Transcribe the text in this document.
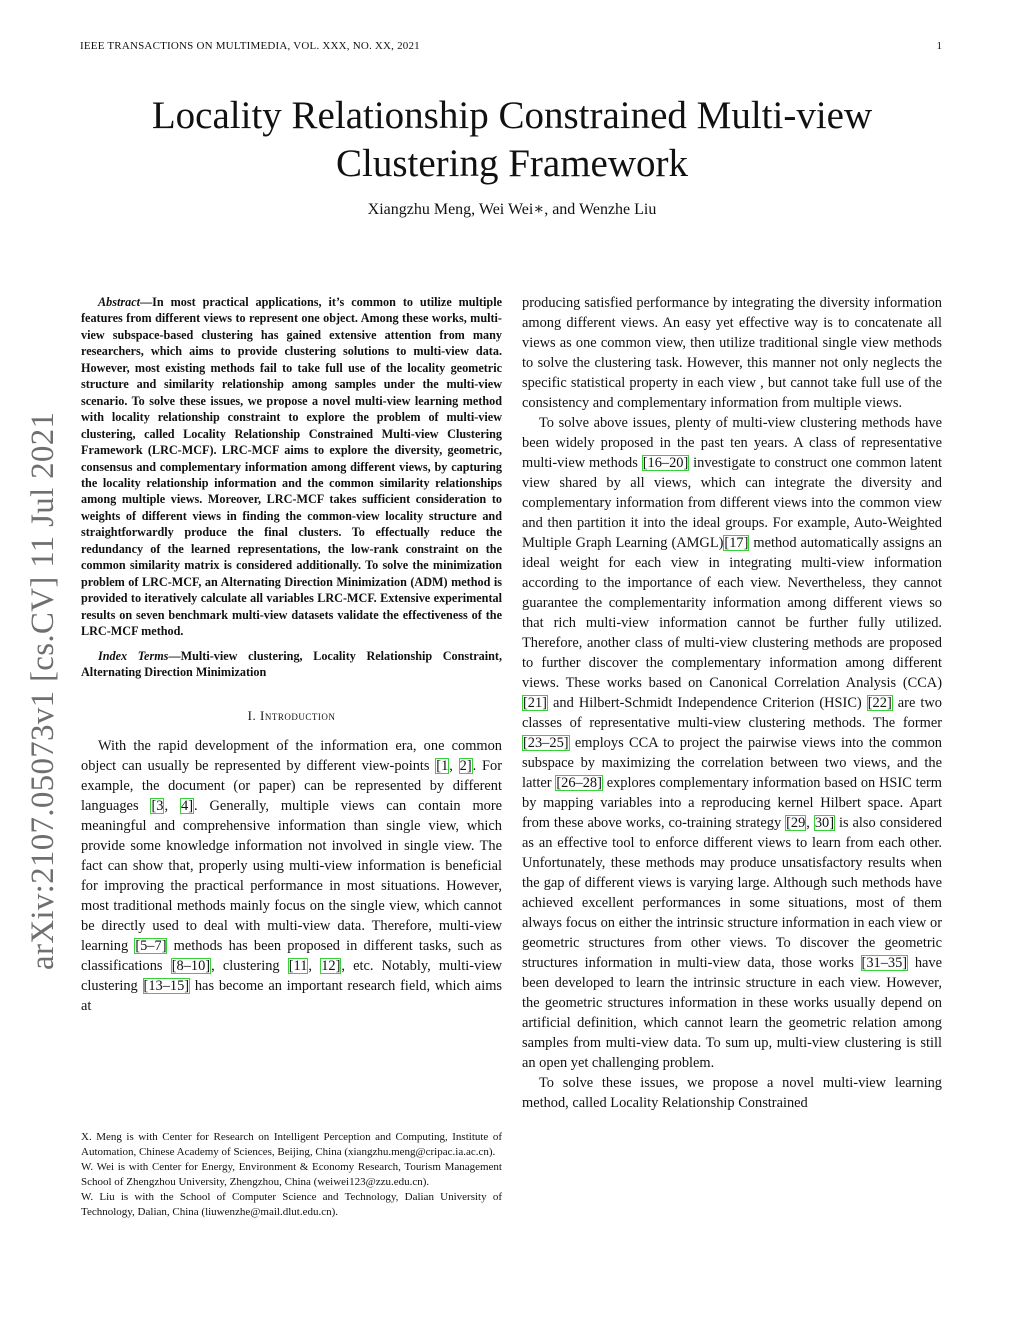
IEEE TRANSACTIONS ON MULTIMEDIA, VOL. XXX, NO. XX, 2021	1
Locality Relationship Constrained Multi-view
Clustering Framework
Xiangzhu Meng, Wei Wei∗, and Wenzhe Liu
arXiv:2107.05073v1 [cs.CV] 11 Jul 2021

Abstract—In most practical applications, it’s common to utilize multiple features from different views to represent one object. Among these works, multi-view subspace-based clustering has gained extensive attention from many researchers, which aims to provide clustering solutions to multi-view data. However, most existing methods fail to take full use of the locality geometric structure and similarity relationship among samples under the multi-view scenario. To solve these issues, we propose a novel multi-view learning method with locality relationship constraint to explore the problem of multi-view clustering, called Locality Relationship Constrained Multi-view Clustering Framework (LRC-MCF). LRC-MCF aims to explore the diversity, geometric, consensus and complementary information among different views, by capturing the locality relationship information and the common similarity relationships among multiple views. Moreover, LRC-MCF takes sufficient consideration to weights of different views in finding the common-view locality structure and straightforwardly produce the final clusters. To effectually reduce the redundancy of the learned representations, the low-rank constraint on the common similarity matrix is considered additionally. To solve the minimization problem of LRC-MCF, an Alternating Direction Minimization (ADM) method is provided to iteratively calculate all variables LRC-MCF. Extensive experimental results on seven benchmark multi-view datasets validate the effectiveness of the LRC-MCF method.

Index Terms—Multi-view clustering, Locality Relationship Constraint, Alternating Direction Minimization

I. Introduction

With the rapid development of the information era, one common object can usually be represented by different view-points [1, 2]. For example, the document (or paper) can be represented by different languages [3, 4]. Generally, multiple views can contain more meaningful and comprehensive information than single view, which provide some knowledge information not involved in single view. The fact can show that, properly using multi-view information is beneficial for improving the practical performance in most situations. However, most traditional methods mainly focus on the single view, which cannot be directly used to deal with multi-view data. Therefore, multi-view learning [5–7] methods has been proposed in different tasks, such as classifications [8–10], clustering [11, 12], etc. Notably, multi-view clustering [13–15] has become an important research field, which aims at

X. Meng is with Center for Research on Intelligent Perception and Computing, Institute of Automation, Chinese Academy of Sciences, Beijing, China (xiangzhu.meng@cripac.ia.ac.cn).

W. Wei is with Center for Energy, Environment & Economy Research, Tourism Management School of Zhengzhou University, Zhengzhou, China (weiwei123@zzu.edu.cn).

W. Liu is with the School of Computer Science and Technology, Dalian University of Technology, Dalian, China (liuwenzhe@mail.dlut.edu.cn).

producing satisfied performance by integrating the diversity information among different views. An easy yet effective way is to concatenate all views as one common view, then utilize traditional single view methods to solve the clustering task. However, this manner not only neglects the specific statistical property in each view , but cannot take full use of the consistency and complementary information from multiple views.

To solve above issues, plenty of multi-view clustering methods have been widely proposed in the past ten years. A class of representative multi-view methods [16–20] investigate to construct one common latent view shared by all views, which can integrate the diversity and complementary information from different views into the common view and then partition it into the ideal groups. For example, Auto-Weighted Multiple Graph Learning (AMGL)[17] method automatically assigns an ideal weight for each view in integrating multi-view information according to the importance of each view. Nevertheless, they cannot guarantee the complementarity information among different views so that rich multi-view information cannot be further fully utilized. Therefore, another class of multi-view clustering methods are proposed to further discover the complementary information among different views. These works based on Canonical Correlation Analysis (CCA) [21] and Hilbert-Schmidt Independence Criterion (HSIC) [22] are two classes of representative multi-view clustering methods. The former [23–25] employs CCA to project the pairwise views into the common subspace by maximizing the correlation between two views, and the latter [26–28] explores complementary information based on HSIC term by mapping variables into a reproducing kernel Hilbert space. Apart from these above works, co-training strategy [29, 30] is also considered as an effective tool to enforce different views to learn from each other. Unfortunately, these methods may produce unsatisfactory results when the gap of different views is varying large. Although such methods have achieved excellent performances in some situations, most of them always focus on either the intrinsic structure information in each view or geometric structures from other views. To discover the geometric structures information in multi-view data, those works [31–35] have been developed to learn the intrinsic structure in each view. However, the geometric structures information in these works usually depend on artificial definition, which cannot learn the geometric relation among samples from multi-view data. To sum up, multi-view clustering is still an open yet challenging problem.

To solve these issues, we propose a novel multi-view learning method, called Locality Relationship Constrained
